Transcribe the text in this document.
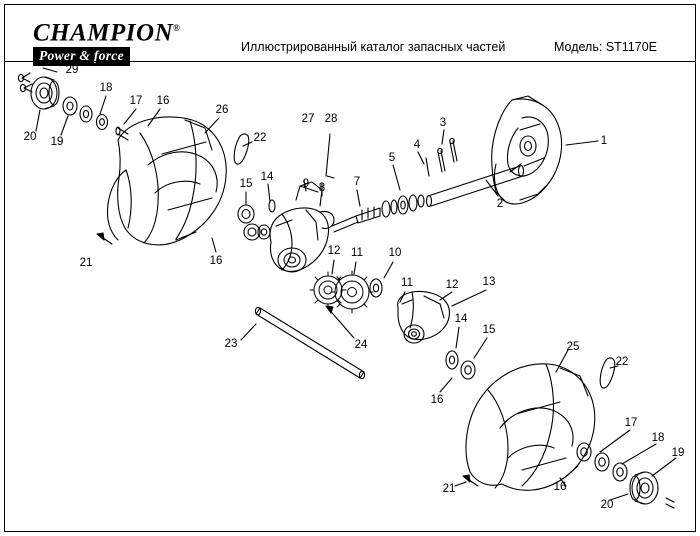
CHAMPION®
Power & force
Иллюстрированный каталог запасных частей	Модель: ST1170E
29
18
17 16
26
20 19	22
27 28	3
1
4
5
2
15
14
9 8 7
21	16
12 11 10
11	12 13
23	24
14
15
25
22
16
17
18
19
21	16
20
